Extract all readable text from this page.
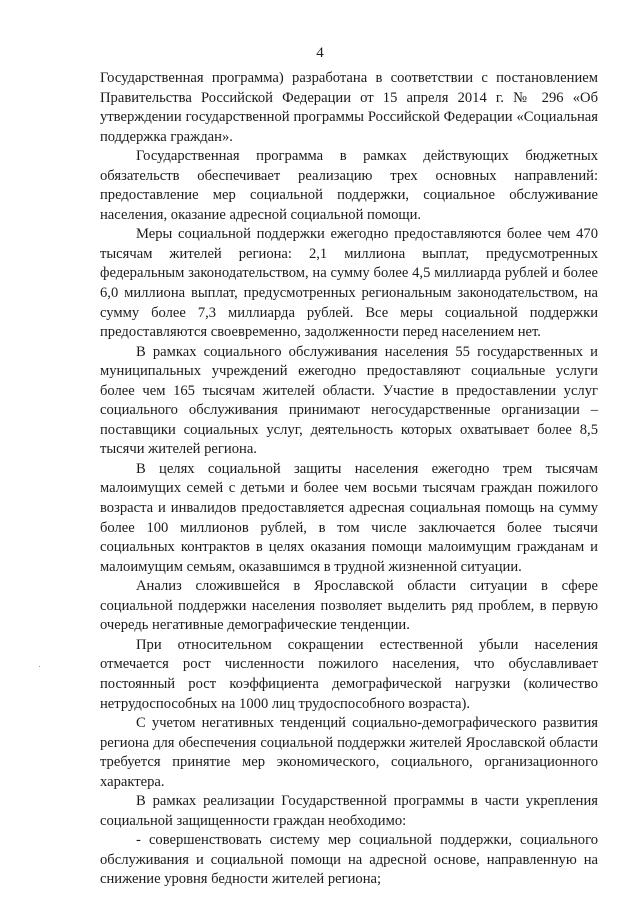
4

Государственная программа) разработана в соответствии с постановлением Правительства Российской Федерации от 15 апреля 2014 г. № 296 «Об утверждении государственной программы Российской Федерации «Социальная поддержка граждан».

Государственная программа в рамках действующих бюджетных обязательств обеспечивает реализацию трех основных направлений: предоставление мер социальной поддержки, социальное обслуживание населения, оказание адресной социальной помощи.

Меры социальной поддержки ежегодно предоставляются более чем 470 тысячам жителей региона: 2,1 миллиона выплат, предусмотренных федеральным законодательством, на сумму более 4,5 миллиарда рублей и более 6,0 миллиона выплат, предусмотренных региональным законодательством, на сумму более 7,3 миллиарда рублей. Все меры социальной поддержки предоставляются своевременно, задолженности перед населением нет.

В рамках социального обслуживания населения 55 государственных и муниципальных учреждений ежегодно предоставляют социальные услуги более чем 165 тысячам жителей области. Участие в предоставлении услуг социального обслуживания принимают негосударственные организации – поставщики социальных услуг, деятельность которых охватывает более 8,5 тысячи жителей региона.

В целях социальной защиты населения ежегодно трем тысячам малоимущих семей с детьми и более чем восьми тысячам граждан пожилого возраста и инвалидов предоставляется адресная социальная помощь на сумму более 100 миллионов рублей, в том числе заключается более тысячи социальных контрактов в целях оказания помощи малоимущим гражданам и малоимущим семьям, оказавшимся в трудной жизненной ситуации.

Анализ сложившейся в Ярославской области ситуации в сфере социальной поддержки населения позволяет выделить ряд проблем, в первую очередь негативные демографические тенденции.

При относительном сокращении естественной убыли населения отмечается рост численности пожилого населения, что обуславливает постоянный рост коэффициента демографической нагрузки (количество нетрудоспособных на 1000 лиц трудоспособного возраста).

С учетом негативных тенденций социально-демографического развития региона для обеспечения социальной поддержки жителей Ярославской области требуется принятие мер экономического, социального, организационного характера.

В рамках реализации Государственной программы в части укрепления социальной защищенности граждан необходимо:

- совершенствовать систему мер социальной поддержки, социального обслуживания и социальной помощи на адресной основе, направленную на снижение уровня бедности жителей региона;
